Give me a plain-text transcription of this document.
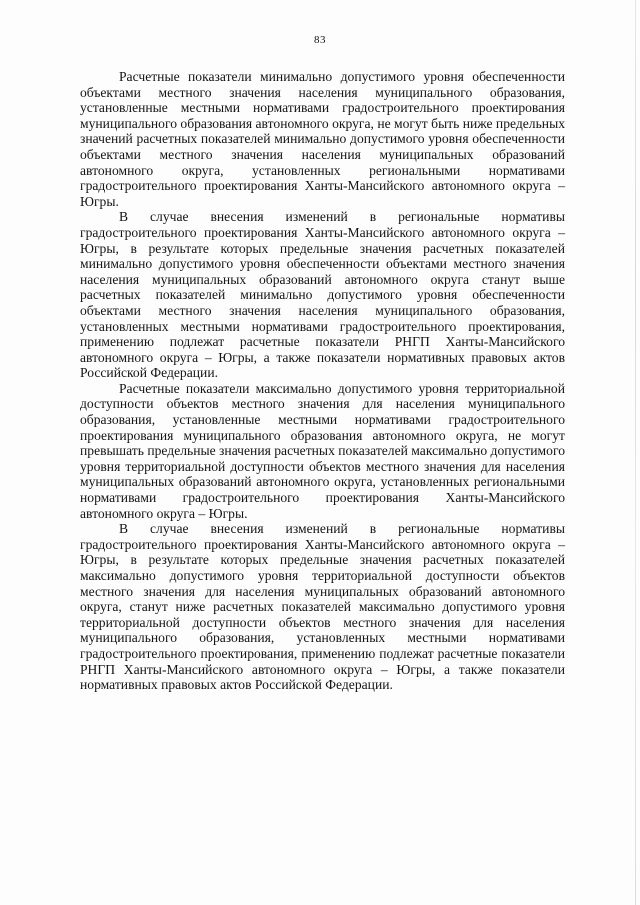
83

Расчетные показатели минимально допустимого уровня обеспеченности объектами местного значения населения муниципального образования, установленные местными нормативами градостроительного проектирования муниципального образования автономного округа, не могут быть ниже предельных значений расчетных показателей минимально допустимого уровня обеспеченности объектами местного значения населения муниципальных образований автономного округа, установленных региональными нормативами градостроительного проектирования Ханты-Мансийского автономного округа – Югры.

В случае внесения изменений в региональные нормативы градостроительного проектирования Ханты-Мансийского автономного округа – Югры, в результате которых предельные значения расчетных показателей минимально допустимого уровня обеспеченности объектами местного значения населения муниципальных образований автономного округа станут выше расчетных показателей минимально допустимого уровня обеспеченности объектами местного значения населения муниципального образования, установленных местными нормативами градостроительного проектирования, применению подлежат расчетные показатели РНГП Ханты-Мансийского автономного округа – Югры, а также показатели нормативных правовых актов Российской Федерации.

Расчетные показатели максимально допустимого уровня территориальной доступности объектов местного значения для населения муниципального образования, установленные местными нормативами градостроительного проектирования муниципального образования автономного округа, не могут превышать предельные значения расчетных показателей максимально допустимого уровня территориальной доступности объектов местного значения для населения муниципальных образований автономного округа, установленных региональными нормативами градостроительного проектирования Ханты-Мансийского автономного округа – Югры.

В случае внесения изменений в региональные нормативы градостроительного проектирования Ханты-Мансийского автономного округа – Югры, в результате которых предельные значения расчетных показателей максимально допустимого уровня территориальной доступности объектов местного значения для населения муниципальных образований автономного округа, станут ниже расчетных показателей максимально допустимого уровня территориальной доступности объектов местного значения для населения муниципального образования, установленных местными нормативами градостроительного проектирования, применению подлежат расчетные показатели РНГП Ханты-Мансийского автономного округа – Югры, а также показатели нормативных правовых актов Российской Федерации.
